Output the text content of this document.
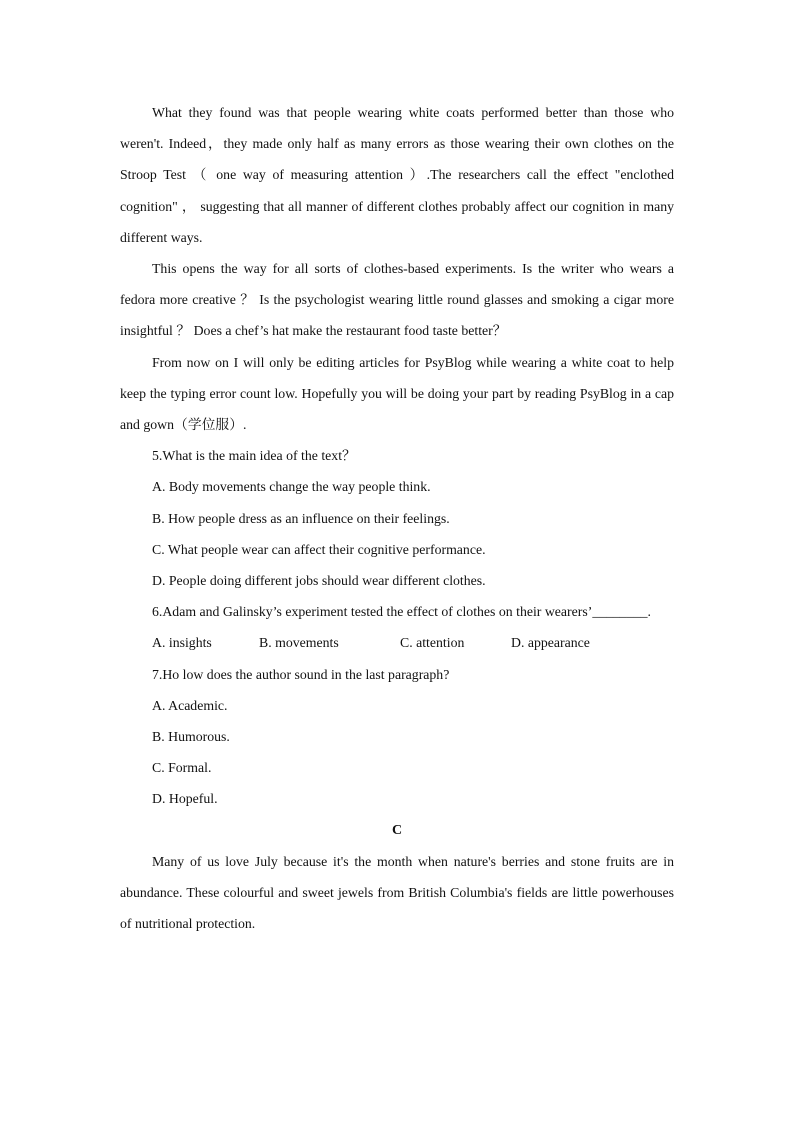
What they found was that people wearing white coats performed better than those who weren't. Indeed，they made only half as many errors as those wearing their own clothes on the Stroop Test （ one way of measuring attention ）.The researchers call the effect "enclothed cognition" ， suggesting that all manner of different clothes probably affect our cognition in many different ways.

This opens the way for all sorts of clothes-based experiments. Is the writer who wears a fedora more creative ？ Is the psychologist wearing little round glasses and smoking a cigar more insightful ？ Does a chef’s hat make the restaurant food taste better？

From now on I will only be editing articles for PsyBlog while wearing a white coat to help keep the typing error count low. Hopefully you will be doing your part by reading PsyBlog in a cap and gown（学位服）.

5.What is the main idea of the text？

A. Body movements change the way people think.

B. How people dress as an influence on their feelings.

C. What people wear can affect their cognitive performance.

D. People doing different jobs should wear different clothes.

6.Adam and Galinsky’s experiment tested the effect of clothes on their wearers’________.

A. insights	B. movements	C. attention	D. appearance

7.Ho low does the author sound in the last paragraph?

A. Academic.

B. Humorous.

C. Formal.

D. Hopeful.

C

Many of us love July because it's the month when nature's berries and stone fruits are in abundance. These colourful and sweet jewels from British Columbia's fields are little powerhouses of nutritional protection.
